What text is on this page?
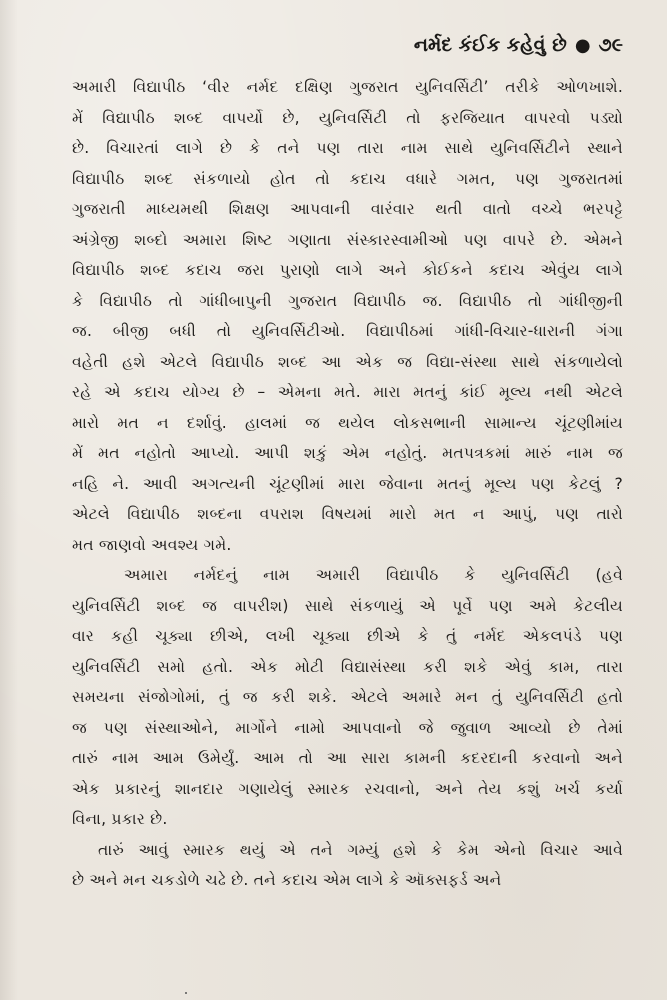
નર્મદ કંઈક કહેવું છે ● ૭૯
અમારી વિદ્યાપીઠ ‘વીર નર્મદ દક્ષિણ ગુજરાત યુનિવર્સિટી’ તરીકે ઓળખાશે.
મેં વિદ્યાપીઠ શબ્દ વાપર્યો છે, યુનિવર્સિટી તો ફરજિયાત વાપરવો પડ્યો
છે. વિચારતાં લાગે છે કે તને પણ તારા નામ સાથે યુનિવર્સિટીને સ્થાને
વિદ્યાપીઠ શબ્દ સંકળાયો હોત તો કદાચ વધારે ગમત, પણ ગુજરાતમાં
ગુજરાતી માધ્યમથી શિક્ષણ આપવાની વારંવાર થતી વાતો વચ્ચે ભરપટ્ટે
અંગ્રેજી શબ્દો અમારા શિષ્ટ ગણાતા સંસ્કારસ્વામીઓ પણ વાપરે છે. એમને
વિદ્યાપીઠ શબ્દ કદાચ જરા પુરાણો લાગે અને કોઈકને કદાચ એવુંય લાગે
કે વિદ્યાપીઠ તો ગાંધીબાપુની ગુજરાત વિદ્યાપીઠ જ. વિદ્યાપીઠ તો ગાંધીજીની
જ. બીજી બધી તો યુનિવર્સિટીઓ. વિદ્યાપીઠમાં ગાંધી-વિચાર-ધારાની ગંગા
વહેતી હશે એટલે વિદ્યાપીઠ શબ્દ આ એક જ વિદ્યા-સંસ્થા સાથે સંકળાયેલો
રહે એ કદાચ યોગ્ય છે – એમના મતે. મારા મતનું કાંઈ મૂલ્ય નથી એટલે
મારો મત ન દર્શાવું. હાલમાં જ થયેલ લોકસભાની સામાન્ય ચૂંટણીમાંય
મેં મત નહોતો આપ્યો. આપી શકું એમ નહોતું. મતપત્રકમાં મારું નામ જ
નહિ ને. આવી અગત્યની ચૂંટણીમાં મારા જેવાના મતનું મૂલ્ય પણ કેટલું ?
એટલે વિદ્યાપીઠ શબ્દના વપરાશ વિષયમાં મારો મત ન આપું, પણ તારો
મત જાણવો અવશ્ય ગમે.
અમારા નર્મદનું નામ અમારી વિદ્યાપીઠ કે યુનિવર્સિટી (હવે
યુનિવર્સિટી શબ્દ જ વાપરીશ) સાથે સંકળાયું એ પૂર્વે પણ અમે કેટલીય
વાર કહી ચૂક્યા છીએ, લખી ચૂક્યા છીએ કે તું નર્મદ એકલપંડે પણ
યુનિવર્સિટી સમો હતો. એક મોટી વિદ્યાસંસ્થા કરી શકે એવું કામ, તારા
સમયના સંજોગોમાં, તું જ કરી શકે. એટલે અમારે મન તું યુનિવર્સિટી હતો
જ પણ સંસ્થાઓને, માર્ગોને નામો આપવાનો જે જુવાળ આવ્યો છે તેમાં
તારું નામ આમ ઉમેર્યું. આમ તો આ સારા કામની કદરદાની કરવાનો અને
એક પ્રકારનું શાનદાર ગણાયેલું સ્મારક રચવાનો, અને તેય કશું ખર્ચ કર્યા
વિના, પ્રકાર છે.
તારું આવું સ્મારક થયું એ તને ગમ્યું હશે કે કેમ એનો વિચાર આવે
છે અને મન ચકડોળે ચઢે છે. તને કદાચ એમ લાગે કે ઑક્સફર્ડ અને
